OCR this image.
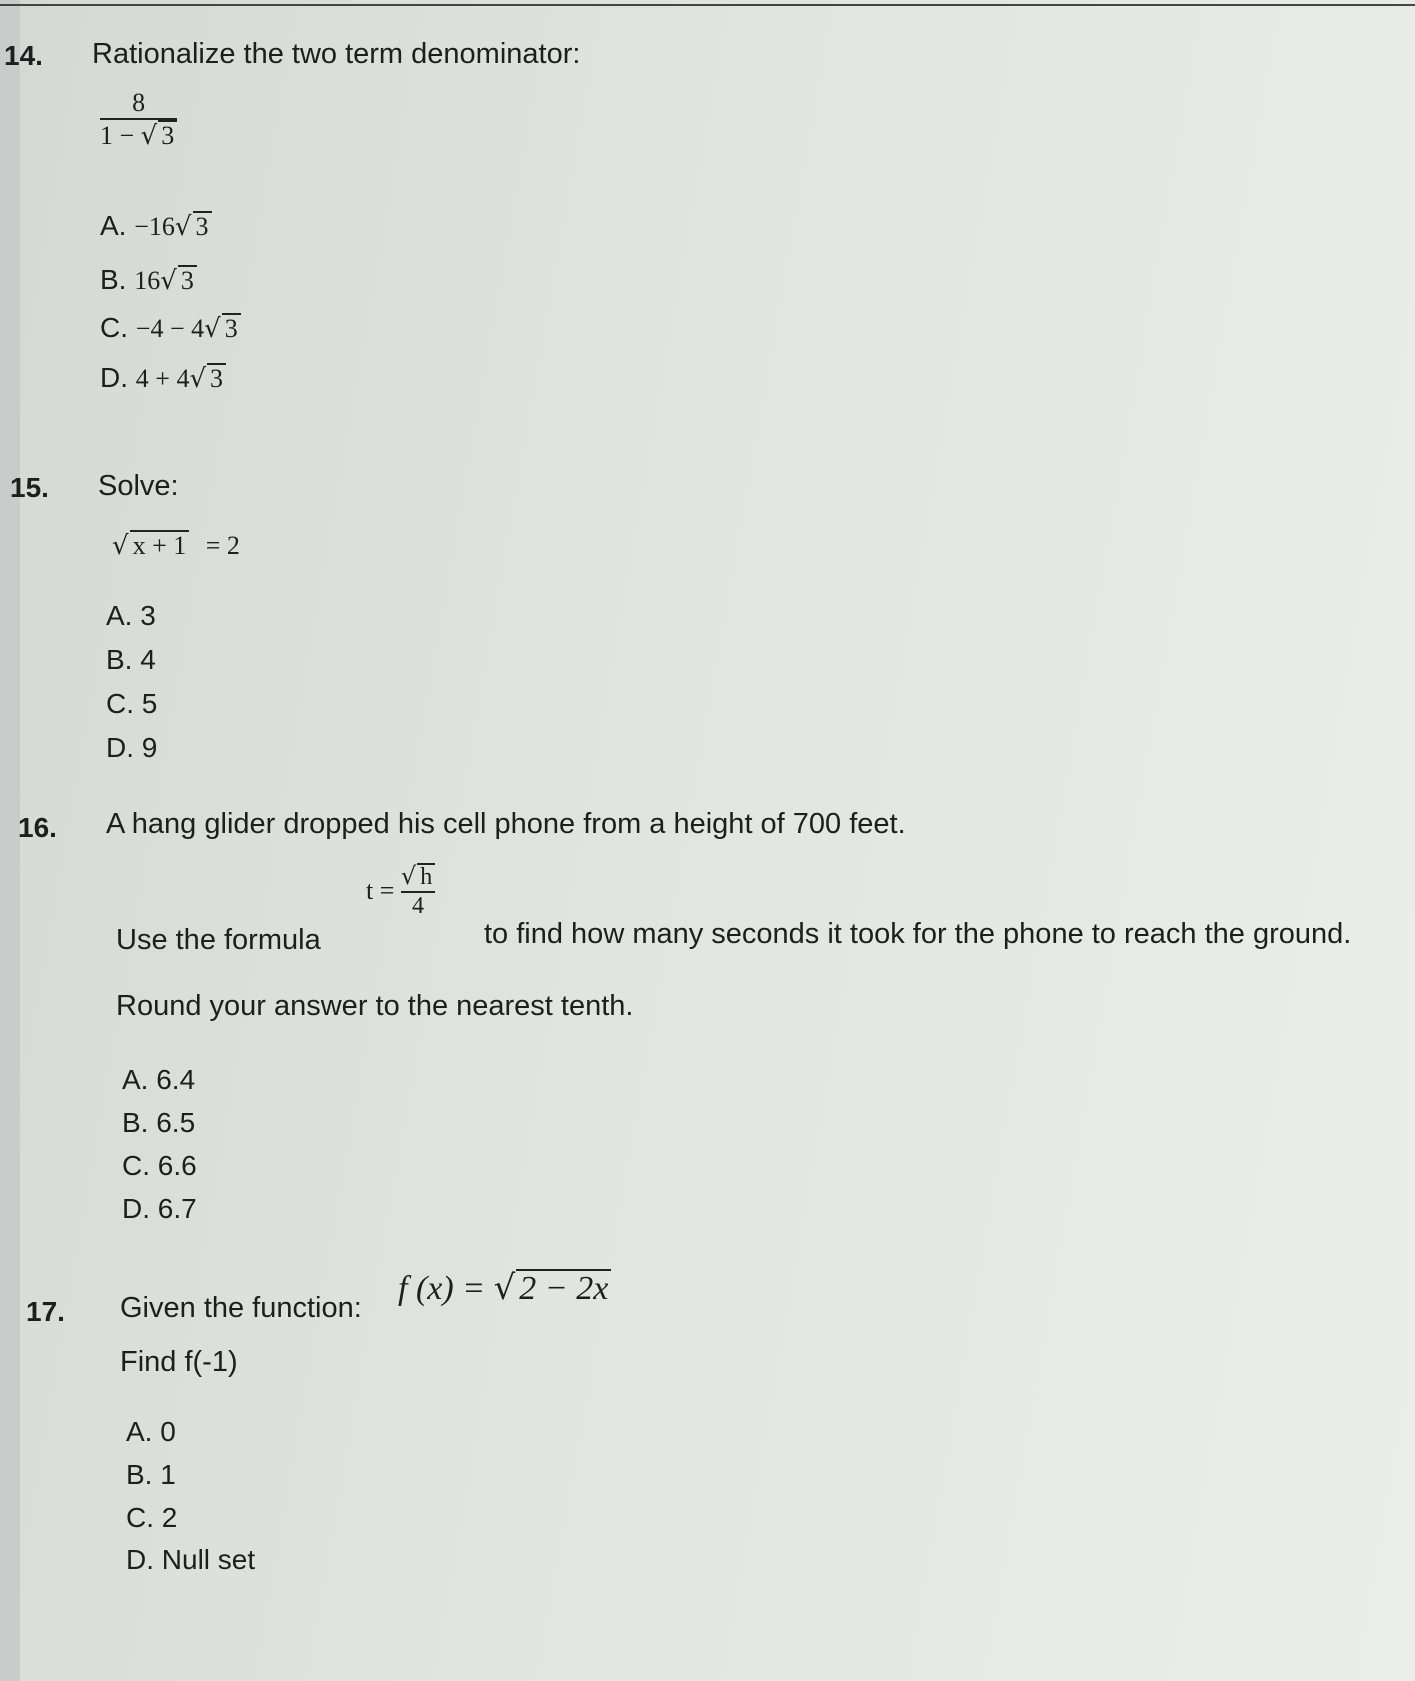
14. Rationalize the two term denominator:
$\frac{8}{1 - √ 3}$
A. −16√ 3
B. 16√ 3
C. −4 − 4√ 3
D. 4 + 4√ 3
15. Solve:
√ x + 1 = 2
A. 3
B. 4
C. 5
D. 9
16. A hang glider dropped his cell phone from a height of 700 feet.
$t = \frac{√ h}{4}$
Use the formula	to find how many seconds it took for the phone to reach the ground.
Round your answer to the nearest tenth.
A. 6.4
B. 6.5
C. 6.6
D. 6.7
17. Given the function:
f (x) = √ 2 − 2x
Find f(-1)
A. 0
B. 1
C. 2
D. Null set
